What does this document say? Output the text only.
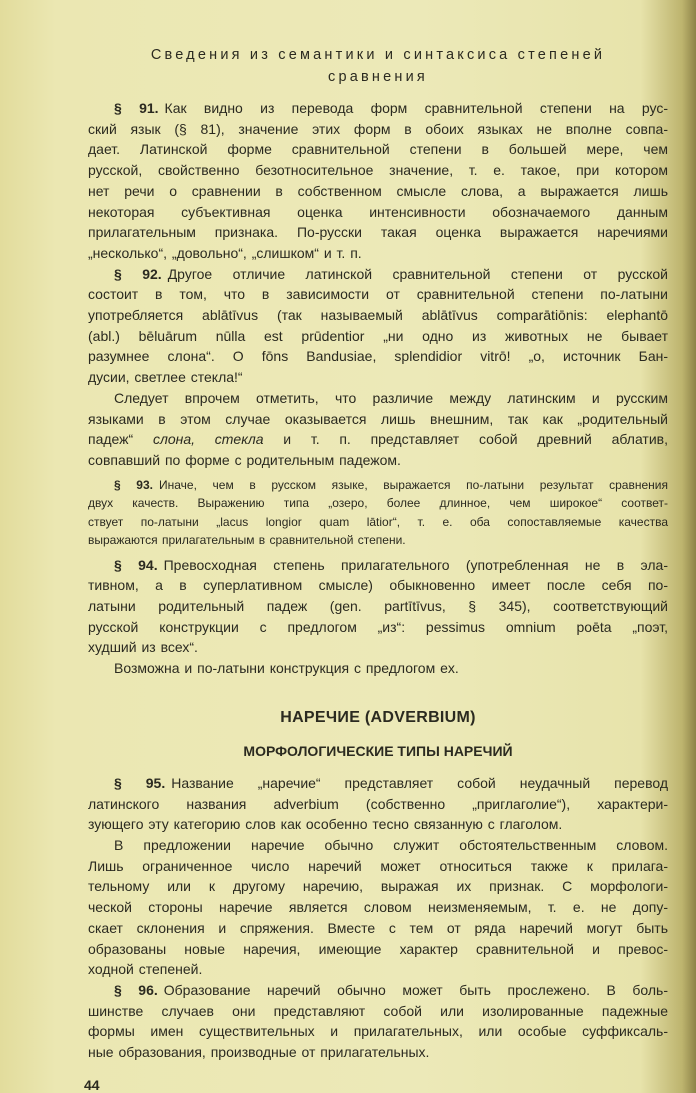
Сведения из семантики и синтаксиса степеней
сравнения
§ 91. Как видно из перевода форм сравнительной степени на рус-
ский язык (§ 81), значение этих форм в обоих языках не вполне совпа-
дает. Латинской форме сравнительной степени в большей мере, чем
русской, свойственно безотносительное значение, т. е. такое, при котором
нет речи о сравнении в собственном смысле слова, а выражается лишь
некоторая субъективная оценка интенсивности обозначаемого данным
прилагательным признака. По-русски такая оценка выражается наречиями
„несколько“, „довольно“, „слишком“ и т. п.
§ 92. Другое отличие латинской сравнительной степени от русской
состоит в том, что в зависимости от сравнительной степени по-латыни
употребляется ablātīvus (так называемый ablātīvus comparātiōnis: elephantō
(abl.) bēluārum nūlla est prūdentior „ни одно из животных не бывает
разумнее слона“. O fōns Bandusiae, splendidior vitrō! „о, источник Бан-
дусии, светлее стекла!“
Следует впрочем отметить, что различие между латинским и русским
языками в этом случае оказывается лишь внешним, так как „родительный
падеж“ слона, стекла и т. п. представляет собой древний аблатив,
совпавший по форме с родительным падежом.
§ 93. Иначе, чем в русском языке, выражается по-латыни результат сравнения
двух качеств. Выражению типа „озеро, более длинное, чем широкое“ соответ-
ствует по-латыни „lacus longior quam lātior“, т. е. оба сопоставляемые качества
выражаются прилагательным в сравнительной степени.
§ 94. Превосходная степень прилагательного (употребленная не в эла-
тивном, а в суперлативном смысле) обыкновенно имеет после себя по-
латыни родительный падеж (gen. partītīvus, § 345), соответствующий
русской конструкции с предлогом „из“: pessimus omnium poēta „поэт,
худший из всех“.
Возможна и по-латыни конструкция с предлогом ex.
НАРЕЧИЕ (ADVERBIUM)
МОРФОЛОГИЧЕСКИЕ ТИПЫ НАРЕЧИЙ
§ 95. Название „наречие“ представляет собой неудачный перевод
латинского названия adverbium (собственно „приглаголие“), характери-
зующего эту категорию слов как особенно тесно связанную с глаголом.
В предложении наречие обычно служит обстоятельственным словом.
Лишь ограниченное число наречий может относиться также к прилага-
тельному или к другому наречию, выражая их признак. С морфологи-
ческой стороны наречие является словом неизменяемым, т. е. не допу-
скает склонения и спряжения. Вместе с тем от ряда наречий могут быть
образованы новые наречия, имеющие характер сравнительной и превос-
ходной степеней.
§ 96. Образование наречий обычно может быть прослежено. В боль-
шинстве случаев они представляют собой или изолированные падежные
формы имен существительных и прилагательных, или особые суффиксаль-
ные образования, производные от прилагательных.
44
